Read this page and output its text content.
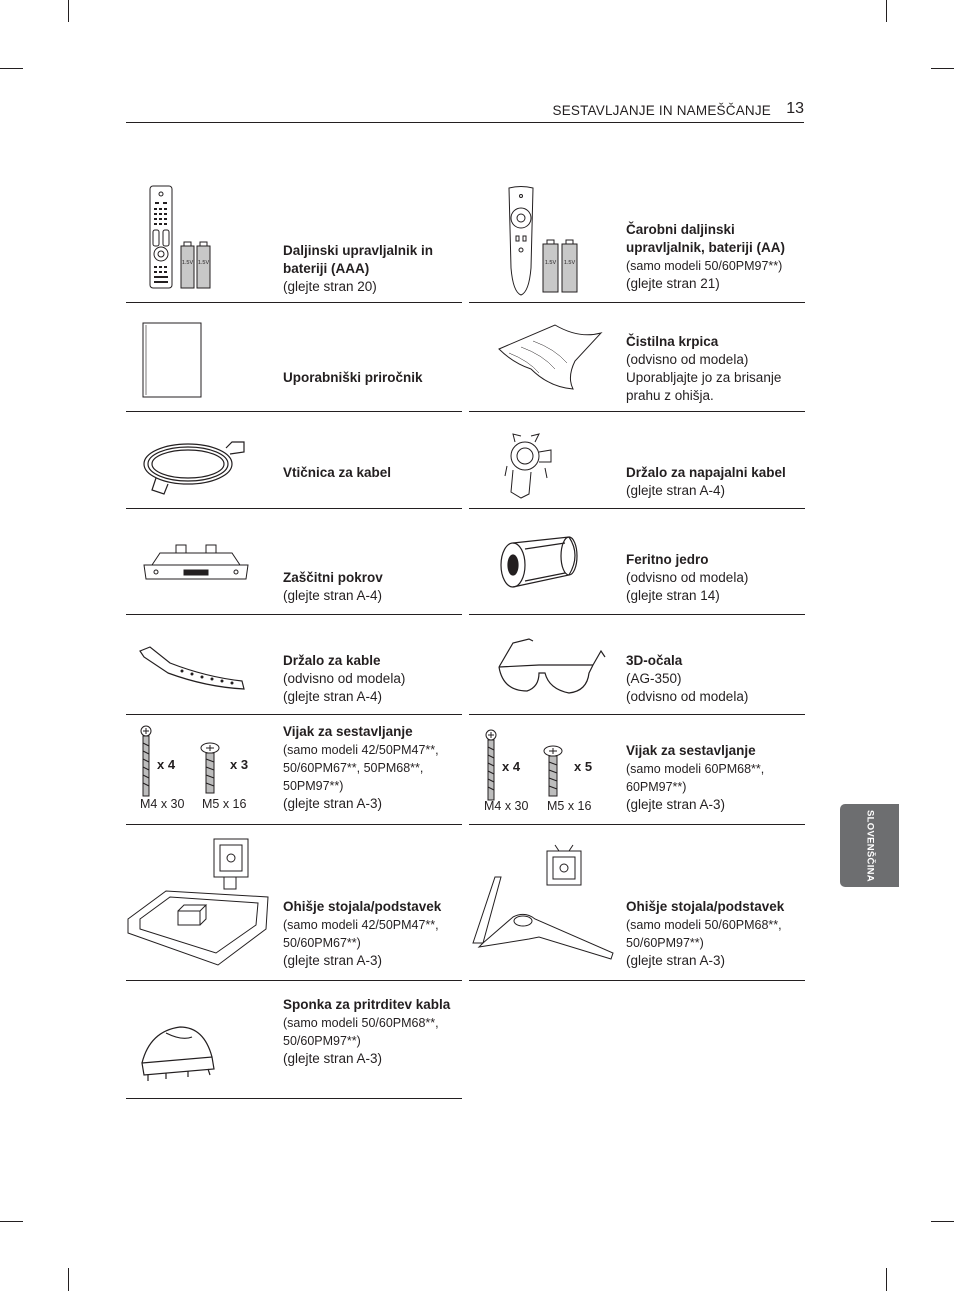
SESTAVLJANJE IN NAMEŠČANJE 13
SLOVENŠČINA
1.5V 1.5V
Daljinski upravljalnik in bateriji (AAA)
(glejte stran 20)
1.5V 1.5V
Čarobni daljinski upravljalnik, bateriji (AA)
(samo modeli 50/60PM97**)
(glejte stran 21)
Uporabniški priročnik
Čistilna krpica
(odvisno od modela)
Uporabljajte jo za brisanje prahu z ohišja.
Vtičnica za kabel	Držalo za napajalni kabel
(glejte stran A-4)
Zaščitni pokrov
(glejte stran A-4)
Feritno jedro
(odvisno od modela)
(glejte stran 14)
Držalo za kable
(odvisno od modela)
(glejte stran A-4)
3D-očala
(AG-350)
(odvisno od modela)
x 4	x 3
M4 x 30 M5 x 16
Vijak za sestavljanje
(samo modeli 42/50PM47**, 50/60PM67**, 50PM68**, 50PM97**)
(glejte stran A-3)
x 4	x 5
M4 x 30 M5 x 16
Vijak za sestavljanje
(samo modeli 60PM68**, 60PM97**)
(glejte stran A-3)
Ohišje stojala/podstavek
(samo modeli 42/50PM47**, 50/60PM67**)
(glejte stran A-3)
Ohišje stojala/podstavek
(samo modeli 50/60PM68**, 50/60PM97**)
(glejte stran A-3)
Sponka za pritrditev kabla
(samo modeli 50/60PM68**, 50/60PM97**)
(glejte stran A-3)
